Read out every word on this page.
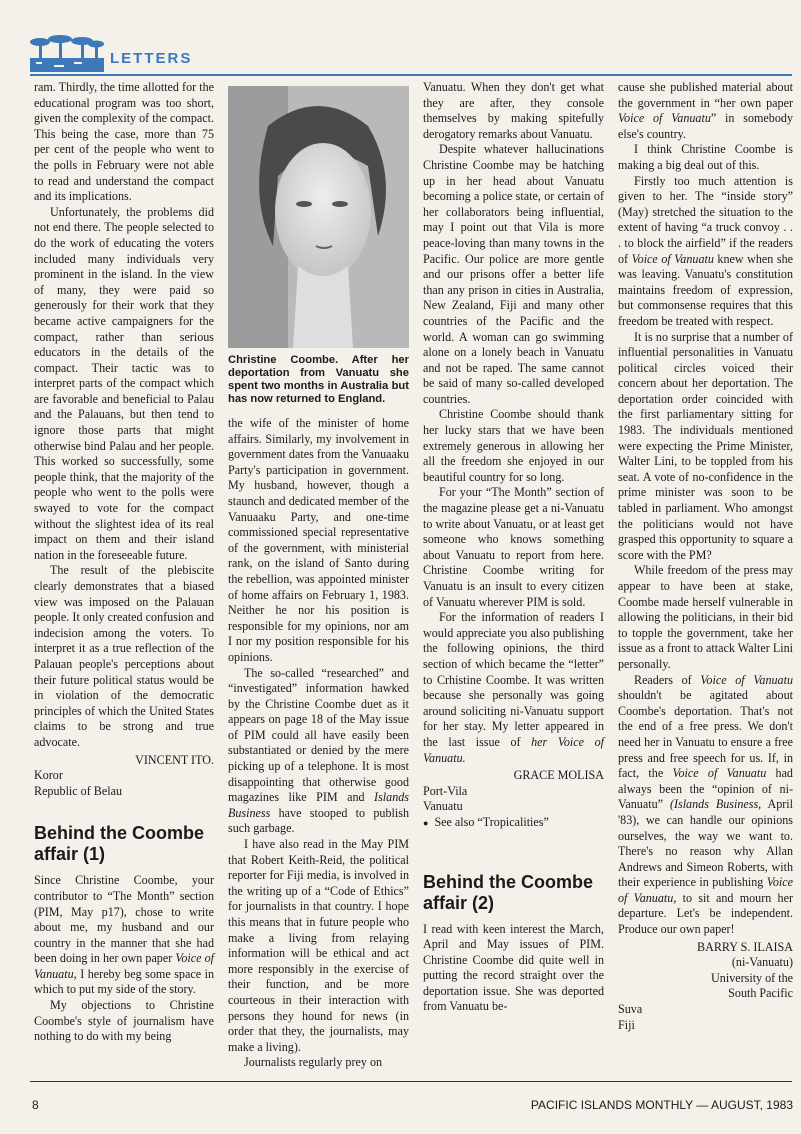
LETTERS

ram. Thirdly, the time allotted for the educational program was too short, given the complexity of the compact. This being the case, more than 75 per cent of the people who went to the polls in February were not able to read and understand the compact and its implications.

Unfortunately, the problems did not end there. The people selected to do the work of educating the voters included many individuals very prominent in the island. In the view of many, they were paid so generously for their work that they became active campaigners for the compact, rather than serious educators in the details of the compact. Their tactic was to interpret parts of the compact which are favorable and beneficial to Palau and the Palauans, but then tend to ignore those parts that might otherwise bind Palau and her people. This worked so successfully, some people think, that the majority of the people who went to the polls were swayed to vote for the compact without the slightest idea of its real impact on them and their island nation in the foreseeable future.

The result of the plebiscite clearly demonstrates that a biased view was imposed on the Palauan people. It only created confusion and indecision among the voters. To interpret it as a true reflection of the Palauan people's perceptions about their future political status would be in violation of the democratic principles of which the United States claims to be strong and true advocate.

VINCENT ITO.

Koror

Republic of Belau

Behind the Coombe affair (1)

Since Christine Coombe, your contributor to “The Month” section (PIM, May p17), chose to write about me, my husband and our country in the manner that she had been doing in her own paper Voice of Vanuatu, I hereby beg some space in which to put my side of the story.

My objections to Christine Coombe's style of journalism have nothing to do with my being

Christine Coombe. After her deportation from Vanuatu she spent two months in Australia but has now returned to England.

the wife of the minister of home affairs. Similarly, my involvement in government dates from the Vanuaaku Party's participation in government. My husband, however, though a staunch and dedicated member of the Vanuaaku Party, and one-time commissioned special representative of the government, with ministerial rank, on the island of Santo during the rebellion, was appointed minister of home affairs on February 1, 1983. Neither he nor his position is responsible for my opinions, nor am I nor my position responsible for his opinions.

The so-called “researched” and “investigated” information hawked by the Christine Coombe duet as it appears on page 18 of the May issue of PIM could all have easily been substantiated or denied by the mere picking up of a telephone. It is most disappointing that otherwise good magazines like PIM and Islands Business have stooped to publish such garbage.

I have also read in the May PIM that Robert Keith-Reid, the political reporter for Fiji media, is involved in the writing up of a “Code of Ethics” for journalists in that country. I hope this means that in future people who make a living from relaying information will be ethical and act more responsibly in the exercise of their function, and be more courteous in their interaction with persons they hound for news (in order that they, the journalists, may make a living).

Journalists regularly prey on

Vanuatu. When they don't get what they are after, they console themselves by making spitefully derogatory remarks about Vanuatu.

Despite whatever hallucinations Christine Coombe may be hatching up in her head about Vanuatu becoming a police state, or certain of her collaborators being influential, may I point out that Vila is more peace-loving than many towns in the Pacific. Our police are more gentle and our prisons offer a better life than any prison in cities in Australia, New Zealand, Fiji and many other countries of the Pacific and the world. A woman can go swimming alone on a lonely beach in Vanuatu and not be raped. The same cannot be said of many so-called developed countries.

Christine Coombe should thank her lucky stars that we have been extremely generous in allowing her all the freedom she enjoyed in our beautiful country for so long.

For your “The Month” section of the magazine please get a ni-Vanuatu to write about Vanuatu, or at least get someone who knows something about Vanuatu to report from here. Christine Coombe writing for Vanuatu is an insult to every citizen of Vanuatu wherever PIM is sold.

For the information of readers I would appreciate you also publishing the following opinions, the third section of which became the “letter” to Crhistine Coombe. It was written because she personally was going around soliciting ni-Vanuatu support for her stay. My letter appeared in the last issue of her Voice of Vanuatu.

GRACE MOLISA

Port-Vila

Vanuatu

● See also “Tropicalities”

Behind the Coombe affair (2)

I read with keen interest the March, April and May issues of PIM. Christine Coombe did quite well in putting the record straight over the deportation issue. She was deported from Vanuatu be-

cause she published material about the government in “her own paper Voice of Vanuatu” in somebody else's country.

I think Christine Coombe is making a big deal out of this.

Firstly too much attention is given to her. The “inside story” (May) stretched the situation to the extent of having “a truck convoy . . . to block the airfield” if the readers of Voice of Vanuatu knew when she was leaving. Vanuatu's constitution maintains freedom of expression, but commonsense requires that this freedom be treated with respect.

It is no surprise that a number of influential personalities in Vanuatu political circles voiced their concern about her deportation. The deportation order coincided with the first parliamentary sitting for 1983. The individuals mentioned were expecting the Prime Minister, Walter Lini, to be toppled from his seat. A vote of no-confidence in the prime minister was soon to be tabled in parliament. Who amongst the politicians would not have grasped this opportunity to square a score with the PM?

While freedom of the press may appear to have been at stake, Coombe made herself vulnerable in allowing the politicians, in their bid to topple the government, take her issue as a front to attack Walter Lini personally.

Readers of Voice of Vanuatu shouldn't be agitated about Coombe's deportation. That's not the end of a free press. We don't need her in Vanuatu to ensure a free press and free speech for us. If, in fact, the Voice of Vanuatu had always been the “opinion of ni-Vanuatu” (Islands Business, April '83), we can handle our opinions ourselves, the way we want to. There's no reason why Allan Andrews and Simeon Roberts, with their experience in publishing Voice of Vanuatu, to sit and mourn her departure. Let's be independent. Produce our own paper!

BARRY S. ILAISA

(ni-Vanuatu)

University of the

South Pacific

Suva

Fiji

8	PACIFIC ISLANDS MONTHLY — AUGUST, 1983
